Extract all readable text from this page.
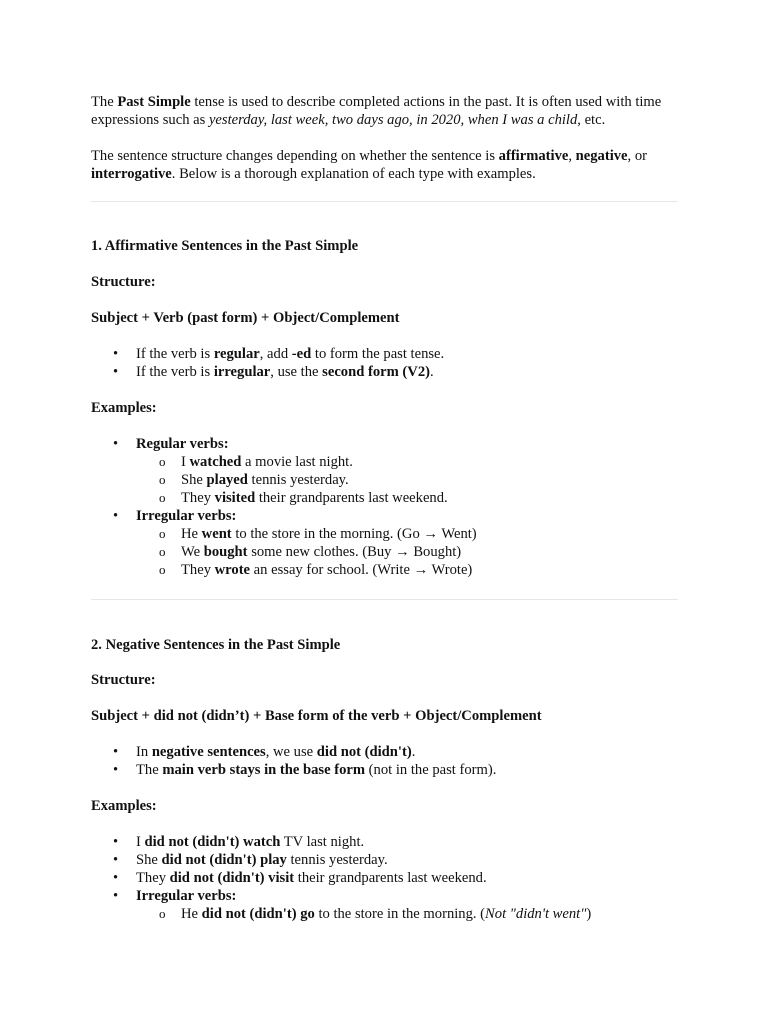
The Past Simple tense is used to describe completed actions in the past. It is often used with time expressions such as yesterday, last week, two days ago, in 2020, when I was a child, etc.

The sentence structure changes depending on whether the sentence is affirmative, negative, or interrogative. Below is a thorough explanation of each type with examples.

1. Affirmative Sentences in the Past Simple

Structure:

Subject + Verb (past form) + Object/Complement

• If the verb is regular, add -ed to form the past tense.
• If the verb is irregular, use the second form (V2).

Examples:

• Regular verbs:
o I watched a movie last night.
o She played tennis yesterday.
o They visited their grandparents last weekend.
• Irregular verbs:
o He went to the store in the morning. (Go → Went)
o We bought some new clothes. (Buy → Bought)
o They wrote an essay for school. (Write → Wrote)

2. Negative Sentences in the Past Simple

Structure:

Subject + did not (didn’t) + Base form of the verb + Object/Complement

• In negative sentences, we use did not (didn't).
• The main verb stays in the base form (not in the past form).

Examples:

• I did not (didn't) watch TV last night.
• She did not (didn't) play tennis yesterday.
• They did not (didn't) visit their grandparents last weekend.
• Irregular verbs:
o He did not (didn't) go to the store in the morning. (Not "didn't went")
